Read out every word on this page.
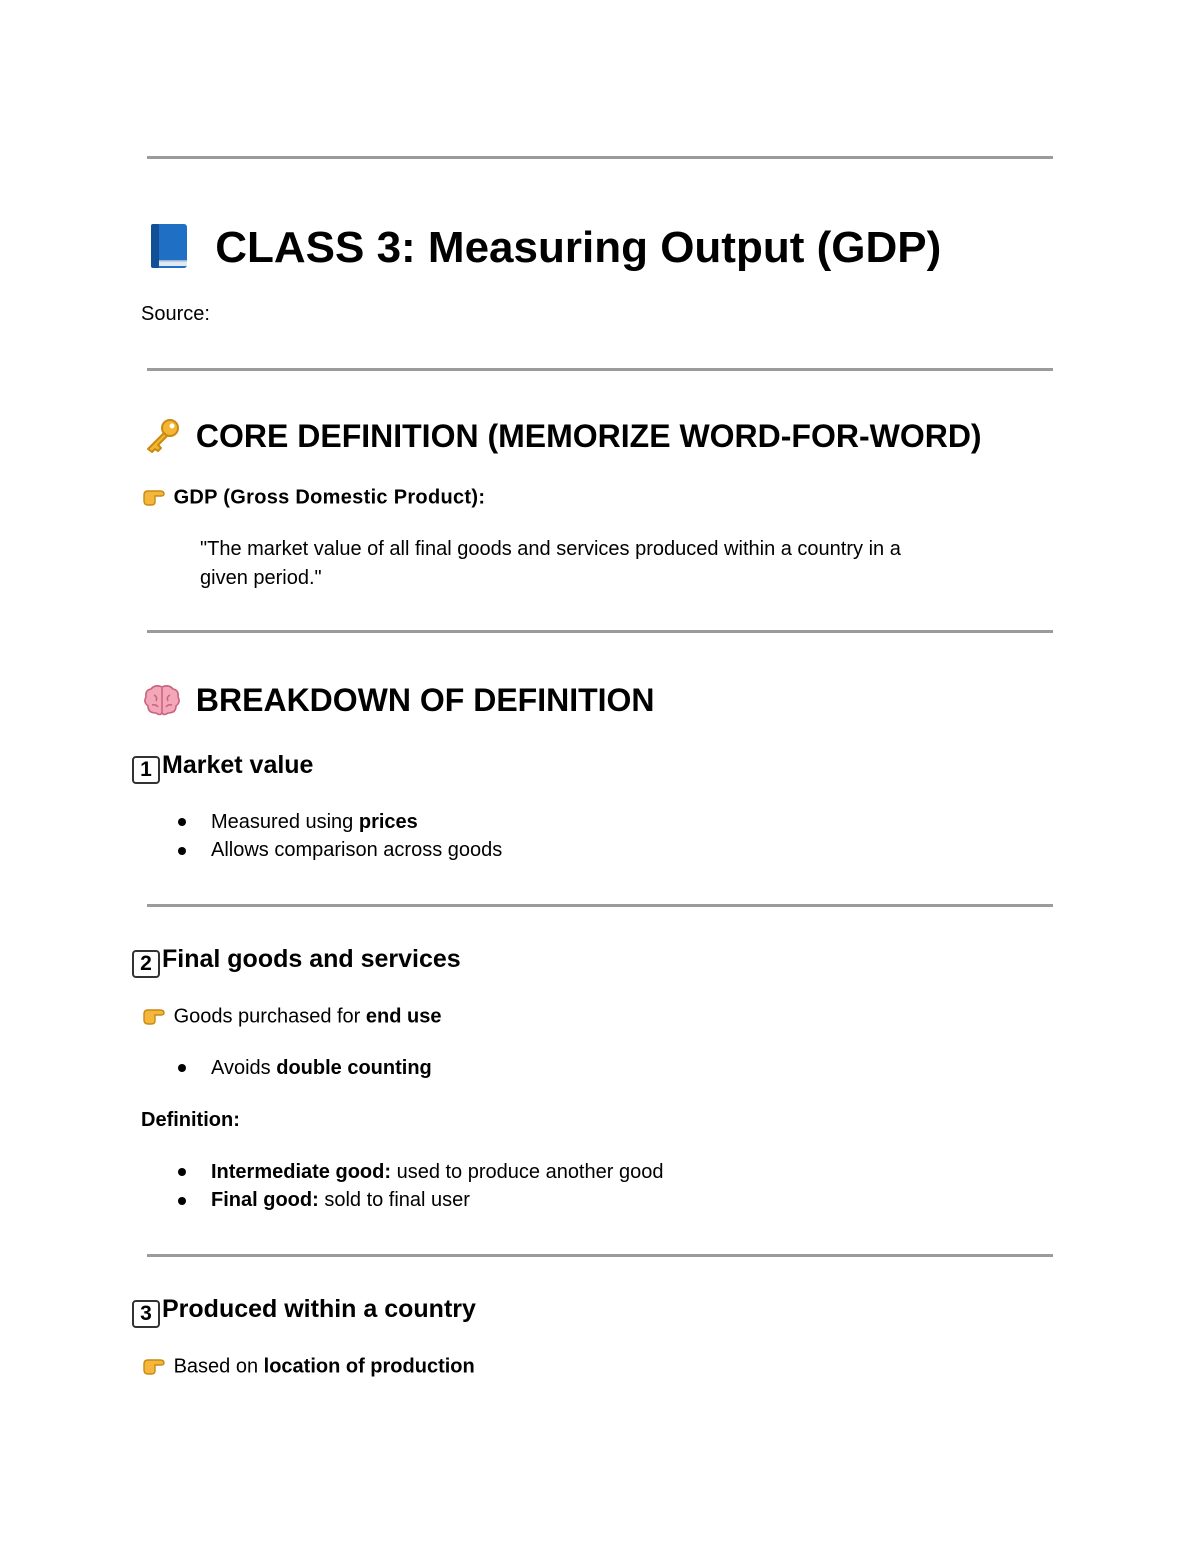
CLASS 3: Measuring Output (GDP)
Source:
CORE DEFINITION (MEMORIZE WORD-FOR-WORD)
GDP (Gross Domestic Product):
"The market value of all final goods and services produced within a country in a
given period."
BREAKDOWN OF DEFINITION
1 Market value
Measured using prices
Allows comparison across goods
2 Final goods and services
Goods purchased for end use
Avoids double counting
Definition:
Intermediate good: used to produce another good
Final good: sold to final user
3 Produced within a country
Based on location of production
